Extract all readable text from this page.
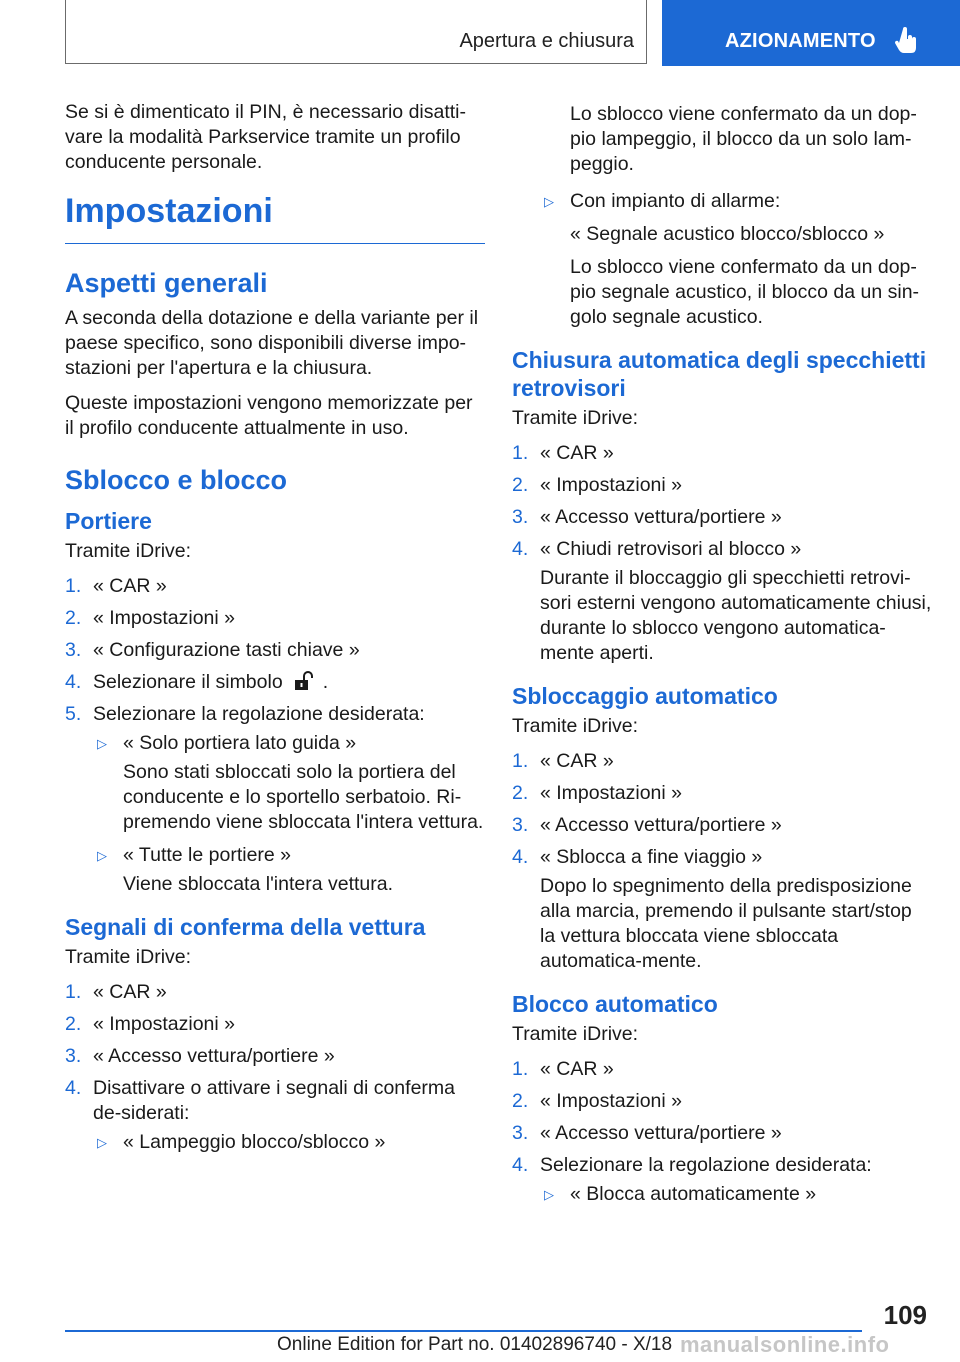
Apertura e chiusura	AZIONAMENTO

Se si è dimenticato il PIN, è necessario disatti-vare la modalità Parkservice tramite un profilo conducente personale.

Impostazioni
Aspetti generali

A seconda della dotazione e della variante per il paese specifico, sono disponibili diverse impo-stazioni per l'apertura e la chiusura.

Queste impostazioni vengono memorizzate per il profilo conducente attualmente in uso.

Sblocco e blocco
Portiere

Tramite iDrive:

1. « CAR »
2. « Impostazioni »
3. « Configurazione tasti chiave »
4. Selezionare il simbolo .
5. Selezionare la regolazione desiderata:
▷ « Solo portiera lato guida »
Sono stati sbloccati solo la portiera del conducente e lo sportello serbatoio. Ri-premendo viene sbloccata l'intera vettura.
▷ « Tutte le portiere »
Viene sbloccata l'intera vettura.
Segnali di conferma della vettura

Tramite iDrive:

1. « CAR »
2. « Impostazioni »
3. « Accesso vettura/portiere »
4. Disattivare o attivare i segnali di conferma de-siderati:
▷ « Lampeggio blocco/sblocco »
Lo sblocco viene confermato da un dop-pio lampeggio, il blocco da un solo lam-peggio.
▷ Con impianto di allarme:
« Segnale acustico blocco/sblocco »
Lo sblocco viene confermato da un dop-pio segnale acustico, il blocco da un sin-golo segnale acustico.
Chiusura automatica degli specchietti retrovisori

Tramite iDrive:

1. « CAR »
2. « Impostazioni »
3. « Accesso vettura/portiere »
4. « Chiudi retrovisori al blocco »
Durante il bloccaggio gli specchietti retrovi-sori esterni vengono automaticamente chiusi, durante lo sblocco vengono automatica-mente aperti.
Sbloccaggio automatico

Tramite iDrive:

1. « CAR »
2. « Impostazioni »
3. « Accesso vettura/portiere »
4. « Sblocca a fine viaggio »
Dopo lo spegnimento della predisposizione alla marcia, premendo il pulsante start/stop la vettura bloccata viene sbloccata automatica-mente.
Blocco automatico

Tramite iDrive:

1. « CAR »
2. « Impostazioni »
3. « Accesso vettura/portiere »
4. Selezionare la regolazione desiderata:
▷ « Blocca automaticamente »
109
Online Edition for Part no. 01402896740 - X/18 manualsonline.info
